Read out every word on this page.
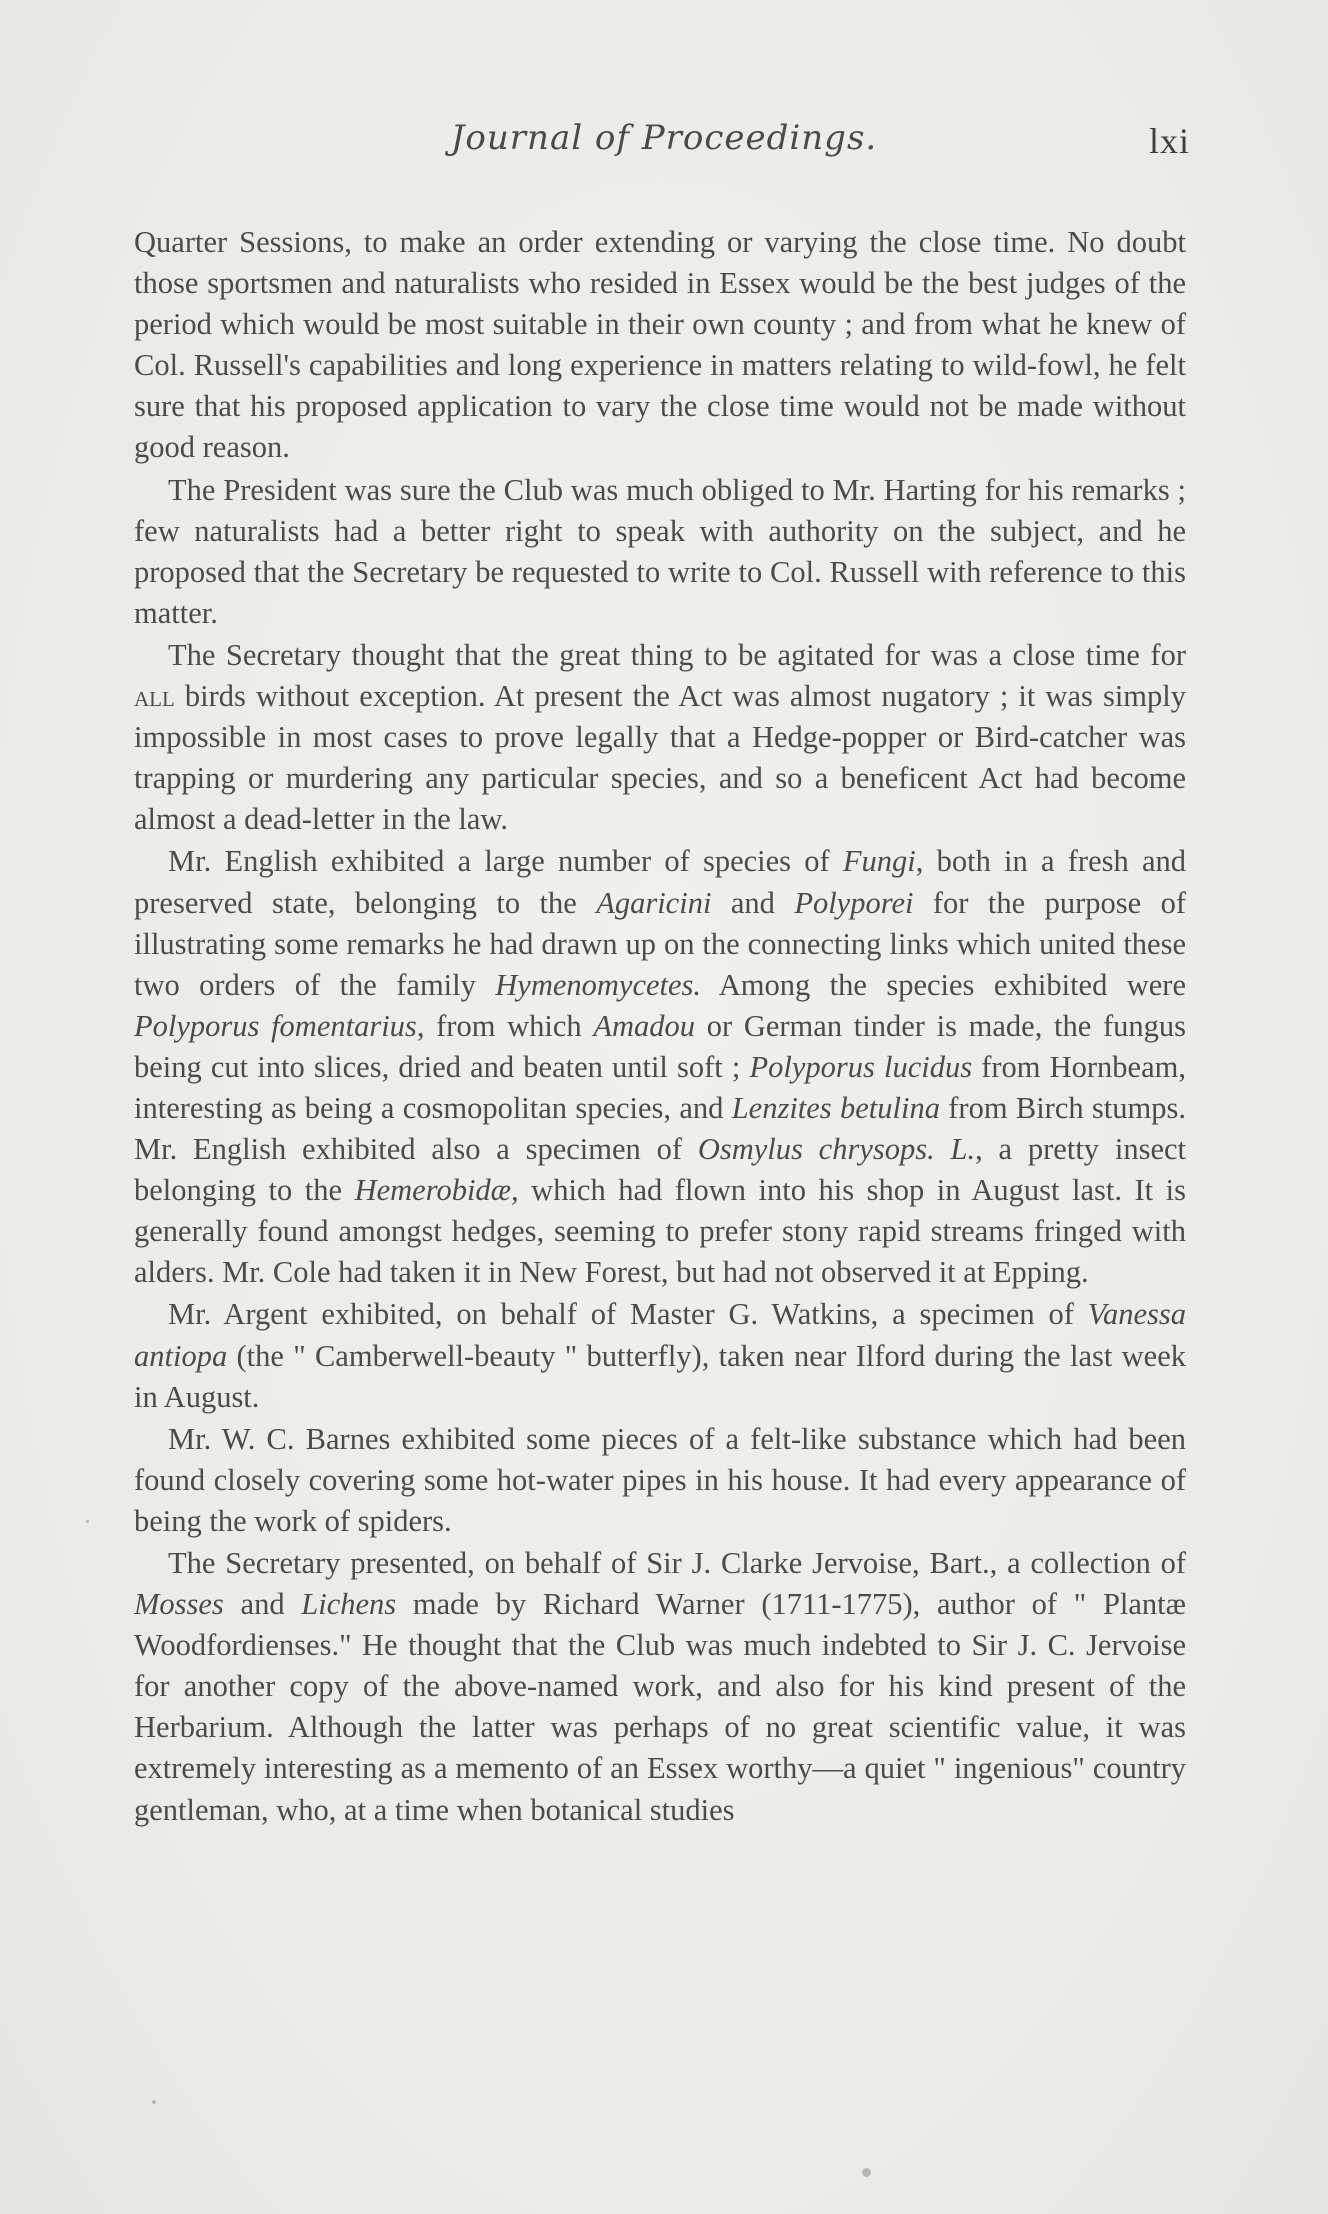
Journal of Proceedings.	lxi

Quarter Sessions, to make an order extending or varying the close time. No doubt those sportsmen and naturalists who resided in Essex would be the best judges of the period which would be most suitable in their own county ; and from what he knew of Col. Russell's capabilities and long experience in matters relating to wild-fowl, he felt sure that his proposed application to vary the close time would not be made without good reason.

The President was sure the Club was much obliged to Mr. Harting for his remarks ; few naturalists had a better right to speak with authority on the subject, and he proposed that the Secretary be requested to write to Col. Russell with reference to this matter.

The Secretary thought that the great thing to be agitated for was a close time for all birds without exception. At present the Act was almost nugatory ; it was simply impossible in most cases to prove legally that a Hedge-popper or Bird-catcher was trapping or murdering any particular species, and so a beneficent Act had become almost a dead-letter in the law.

Mr. English exhibited a large number of species of Fungi, both in a fresh and preserved state, belonging to the Agaricini and Polyporei for the purpose of illustrating some remarks he had drawn up on the connecting links which united these two orders of the family Hymenomycetes. Among the species exhibited were Polyporus fomentarius, from which Amadou or German tinder is made, the fungus being cut into slices, dried and beaten until soft ; Polyporus lucidus from Hornbeam, interesting as being a cosmopolitan species, and Lenzites betulina from Birch stumps. Mr. English exhibited also a specimen of Osmylus chrysops. L., a pretty insect belonging to the Hemerobidæ, which had flown into his shop in August last. It is generally found amongst hedges, seeming to prefer stony rapid streams fringed with alders. Mr. Cole had taken it in New Forest, but had not observed it at Epping.

Mr. Argent exhibited, on behalf of Master G. Watkins, a specimen of Vanessa antiopa (the " Camberwell-beauty " butterfly), taken near Ilford during the last week in August.

Mr. W. C. Barnes exhibited some pieces of a felt-like substance which had been found closely covering some hot-water pipes in his house. It had every appearance of being the work of spiders.

The Secretary presented, on behalf of Sir J. Clarke Jervoise, Bart., a collection of Mosses and Lichens made by Richard Warner (1711-1775), author of " Plantæ Woodfordienses." He thought that the Club was much indebted to Sir J. C. Jervoise for another copy of the above-named work, and also for his kind present of the Herbarium. Although the latter was perhaps of no great scientific value, it was extremely interesting as a memento of an Essex worthy—a quiet " ingenious" country gentleman, who, at a time when botanical studies
